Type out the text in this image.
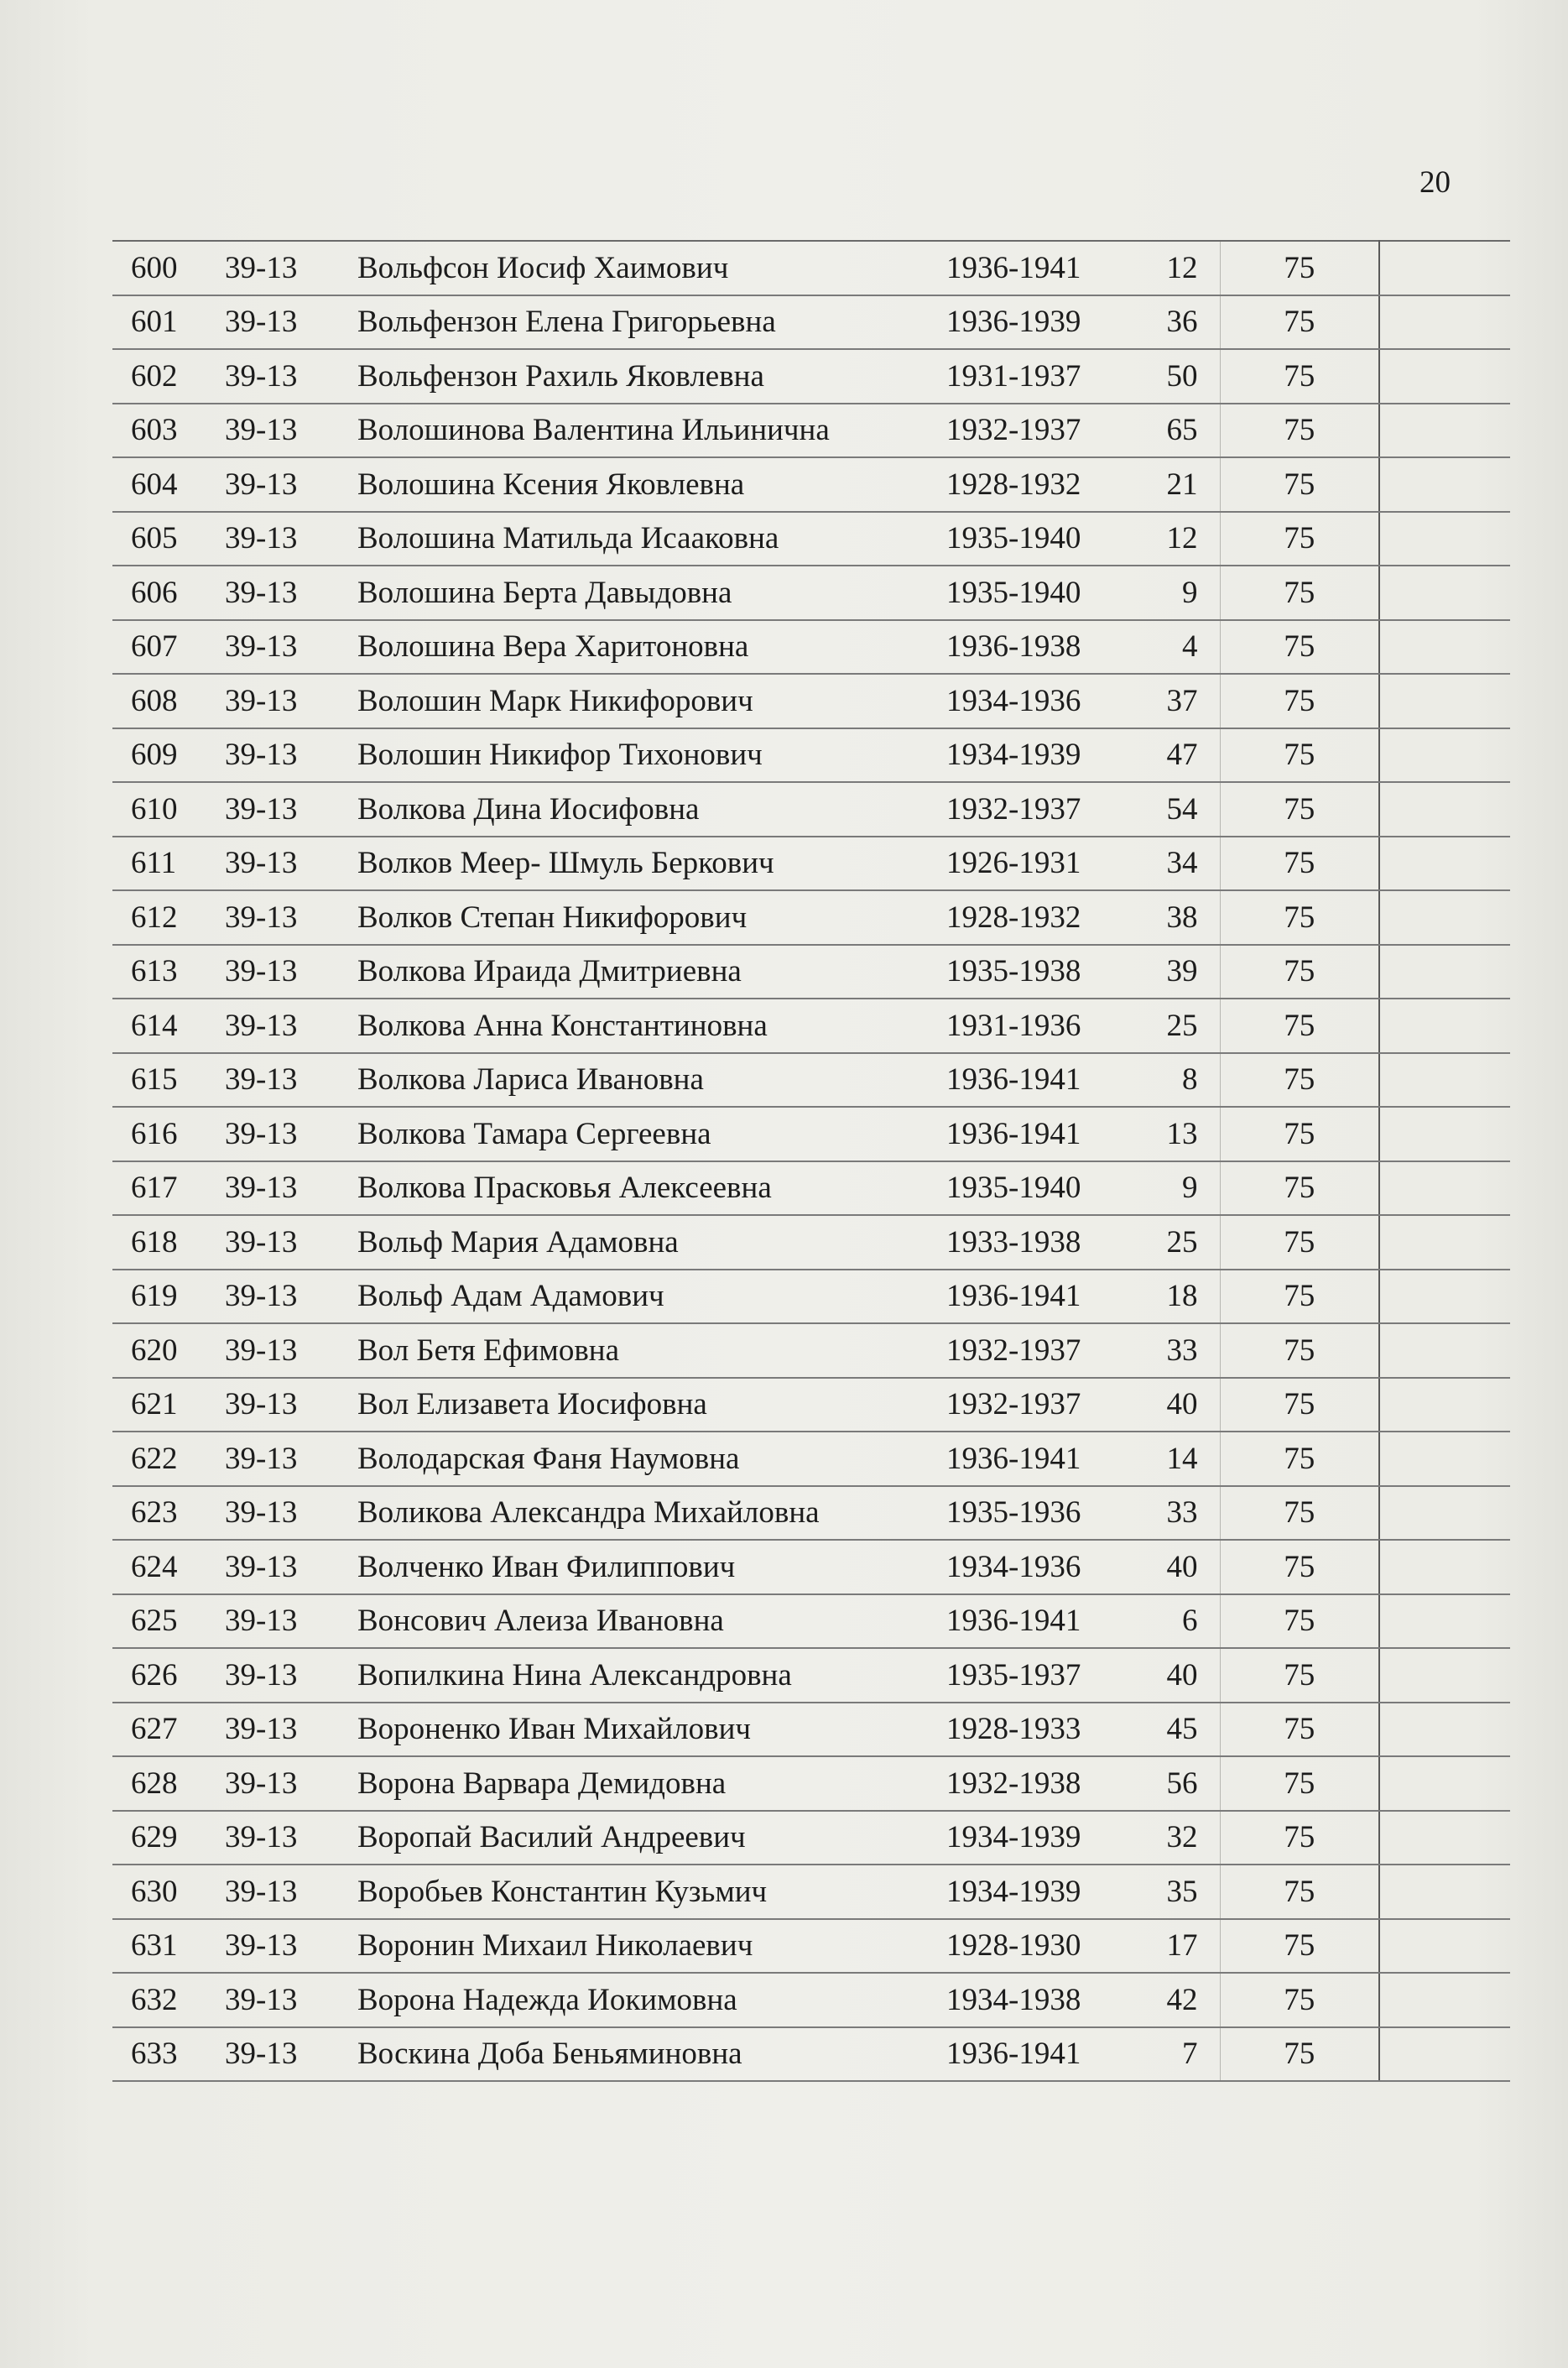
20
600	39-13	Вольфсон Иосиф Хаимович	1936-1941	12	75	
601	39-13	Вольфензон Елена Григорьевна	1936-1939	36	75	
602	39-13	Вольфензон Рахиль Яковлевна	1931-1937	50	75	
603	39-13	Волошинова Валентина Ильинична	1932-1937	65	75	
604	39-13	Волошина Ксения Яковлевна	1928-1932	21	75	
605	39-13	Волошина Матильда Исааковна	1935-1940	12	75	
606	39-13	Волошина Берта Давыдовна	1935-1940	9	75	
607	39-13	Волошина Вера Харитоновна	1936-1938	4	75	
608	39-13	Волошин Марк Никифорович	1934-1936	37	75	
609	39-13	Волошин Никифор Тихонович	1934-1939	47	75	
610	39-13	Волкова Дина Иосифовна	1932-1937	54	75	
611	39-13	Волков Меер- Шмуль Беркович	1926-1931	34	75	
612	39-13	Волков Степан Никифорович	1928-1932	38	75	
613	39-13	Волкова Ираида Дмитриевна	1935-1938	39	75	
614	39-13	Волкова Анна Константиновна	1931-1936	25	75	
615	39-13	Волкова Лариса Ивановна	1936-1941	8	75	
616	39-13	Волкова Тамара Сергеевна	1936-1941	13	75	
617	39-13	Волкова Прасковья Алексеевна	1935-1940	9	75	
618	39-13	Вольф Мария Адамовна	1933-1938	25	75	
619	39-13	Вольф Адам Адамович	1936-1941	18	75	
620	39-13	Вол Бетя Ефимовна	1932-1937	33	75	
621	39-13	Вол Елизавета Иосифовна	1932-1937	40	75	
622	39-13	Володарская Фаня Наумовна	1936-1941	14	75	
623	39-13	Воликова Александра Михайловна	1935-1936	33	75	
624	39-13	Волченко Иван Филиппович	1934-1936	40	75	
625	39-13	Вонсович Алеиза Ивановна	1936-1941	6	75	
626	39-13	Вопилкина Нина Александровна	1935-1937	40	75	
627	39-13	Вороненко Иван Михайлович	1928-1933	45	75	
628	39-13	Ворона Варвара Демидовна	1932-1938	56	75	
629	39-13	Воропай Василий Андреевич	1934-1939	32	75	
630	39-13	Воробьев Константин Кузьмич	1934-1939	35	75	
631	39-13	Воронин Михаил Николаевич	1928-1930	17	75	
632	39-13	Ворона Надежда Иокимовна	1934-1938	42	75	
633	39-13	Воскина Доба Беньяминовна	1936-1941	7	75	
